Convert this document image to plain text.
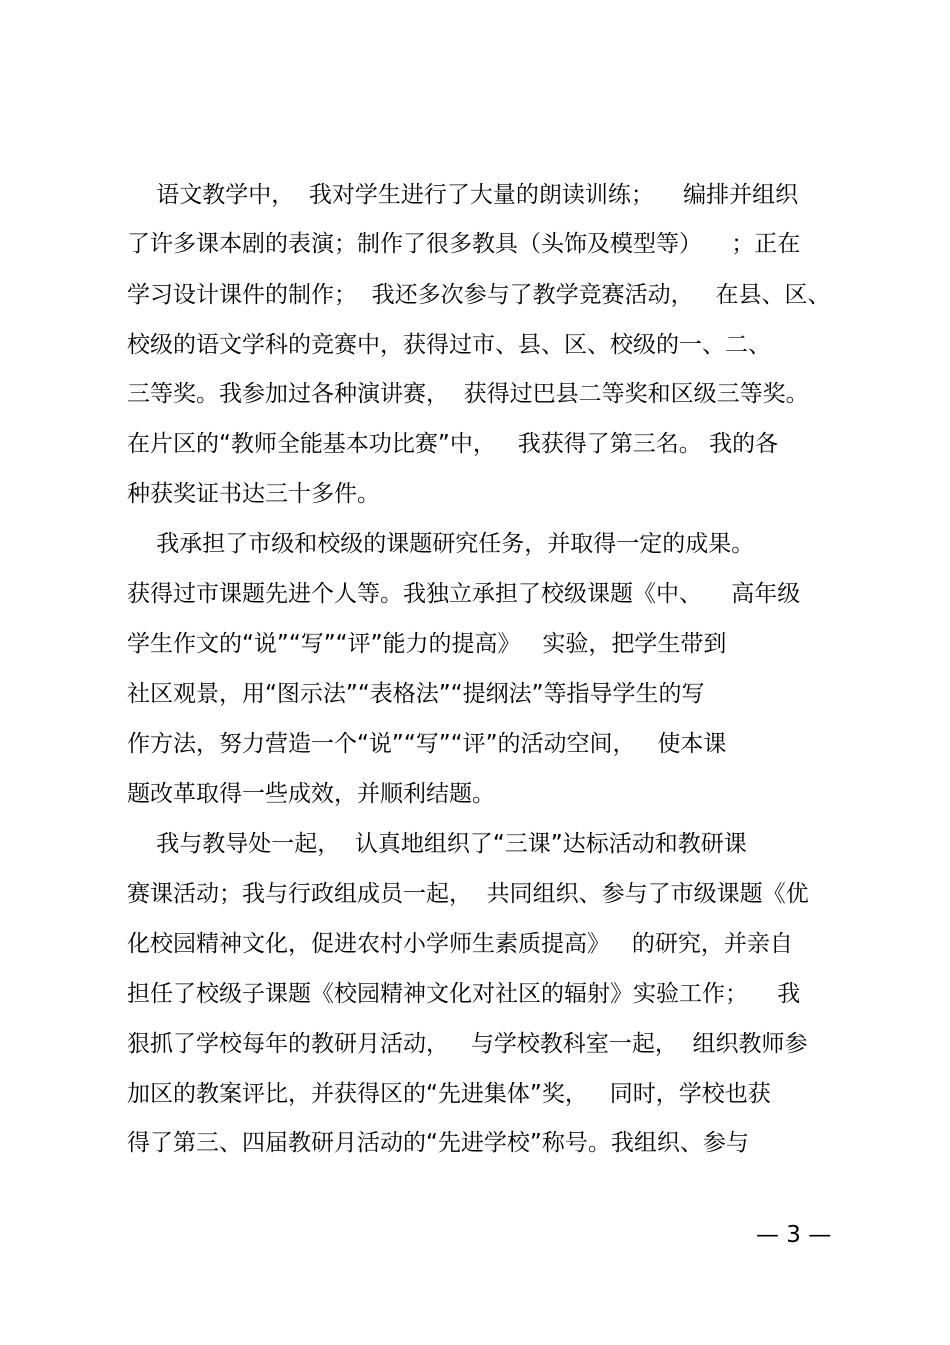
语文教学中，  我对学生进行了大量的朗读训练；    编排并组织
了许多课本剧的表演；制作了很多教具（头饰及模型等）    ；正在
学习设计课件的制作；  我还多次参与了教学竞赛活动，   在县、区、
校级的语文学科的竞赛中，获得过市、县、区、校级的一、二、
三等奖。我参加过各种演讲赛，  获得过巴县二等奖和区级三等奖。
在片区的“教师全能基本功比赛”中，   我获得了第三名。 我的各
种获奖证书达三十多件。
我承担了市级和校级的课题研究任务，并取得一定的成果。
获得过市课题先进个人等。我独立承担了校级课题《中、    高年级
学生作文的“说”“写”“评”能力的提高》   实验，把学生带到
社区观景，用“图示法”“表格法”“提纲法”等指导学生的写
作方法，努力营造一个“说”“写”“评”的活动空间，   使本课
题改革取得一些成效，并顺利结题。
我与教导处一起，  认真地组织了“三课”达标活动和教研课
赛课活动；我与行政组成员一起，  共同组织、参与了市级课题《优
化校园精神文化，促进农村小学师生素质提高》   的研究，并亲自
担任了校级子课题《校园精神文化对社区的辐射》实验工作；    我
狠抓了学校每年的教研月活动，   与学校教科室一起，  组织教师参
加区的教案评比，并获得区的“先进集体”奖，   同时，学校也获
得了第三、四届教研月活动的“先进学校”称号。我组织、参与
— 3 —
